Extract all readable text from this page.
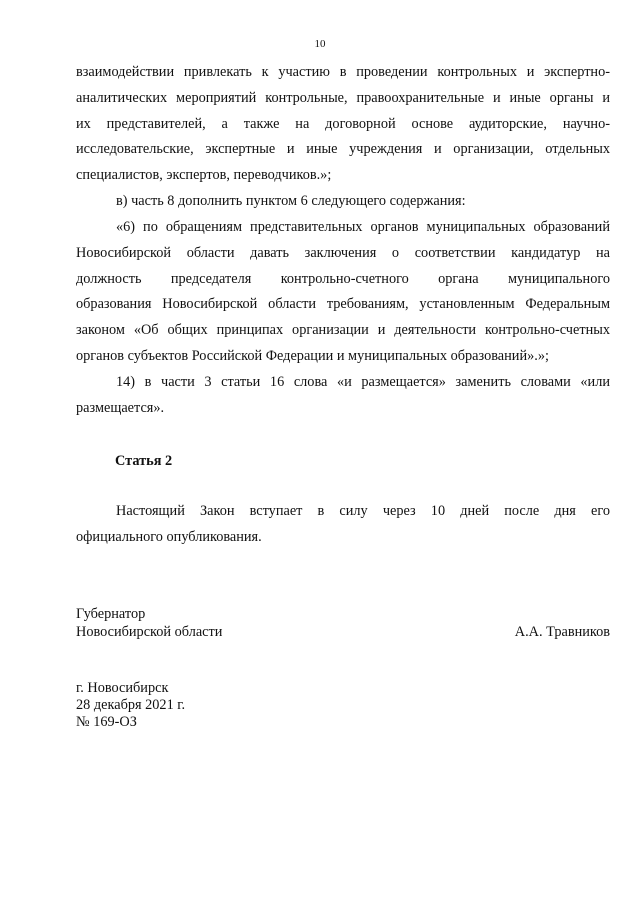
10
взаимодействии привлекать к участию в проведении контрольных и экспертно-
аналитических мероприятий контрольные, правоохранительные и иные органы и
их представителей, а также на договорной основе аудиторские, научно-
исследовательские, экспертные и иные учреждения и организации, отдельных
специалистов, экспертов, переводчиков.»;
в) часть 8 дополнить пунктом 6 следующего содержания:
«6) по обращениям представительных органов муниципальных образований
Новосибирской области давать заключения о соответствии кандидатур на
должность председателя контрольно-счетного органа муниципального
образования Новосибирской области требованиям, установленным Федеральным
законом «Об общих принципах организации и деятельности контрольно-счетных
органов субъектов Российской Федерации и муниципальных образований».»;
14) в части 3 статьи 16 слова «и размещается» заменить словами «или
размещается».
Статья 2
Настоящий Закон вступает в силу через 10 дней после дня его
официального опубликования.
Губернатор
Новосибирской области	А.А. Травников
г. Новосибирск
28 декабря 2021 г.
№ 169-ОЗ
